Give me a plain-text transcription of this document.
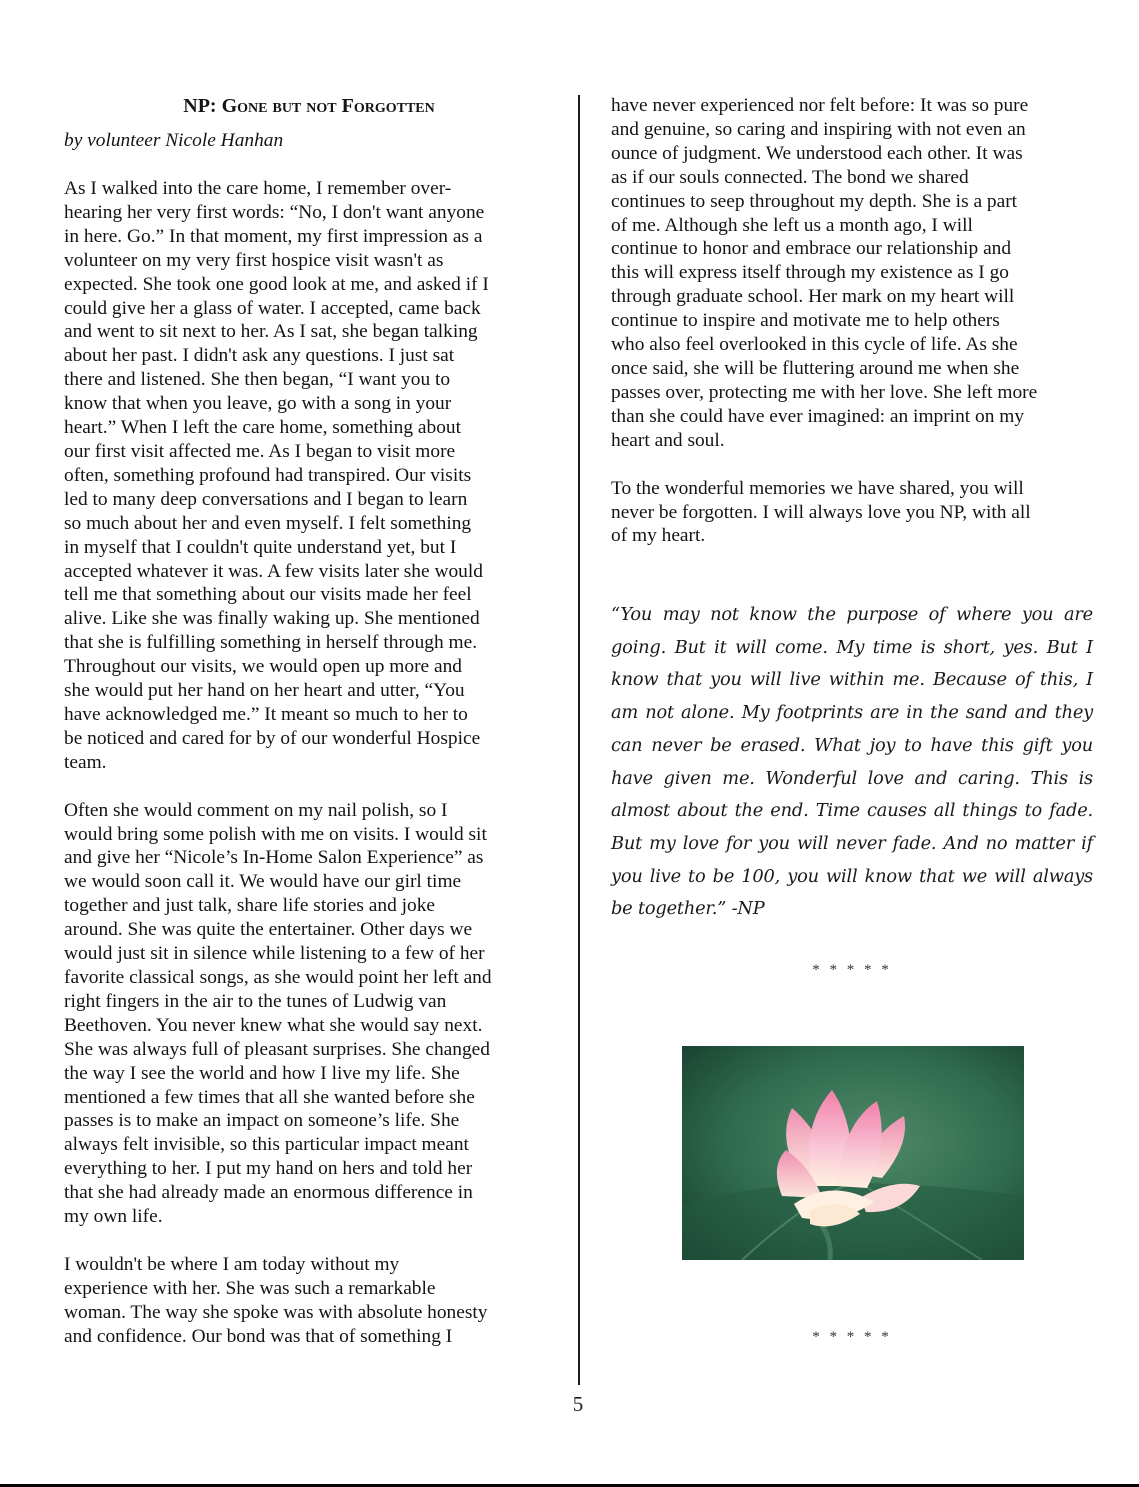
NP: Gone but not Forgotten
by volunteer Nicole Hanhan
As I walked into the care home, I remember over-
hearing her very first words: “No, I don't want anyone
in here. Go.” In that moment, my first impression as a
volunteer on my very first hospice visit wasn't as
expected. She took one good look at me, and asked if I
could give her a glass of water. I accepted, came back
and went to sit next to her. As I sat, she began talking
about her past. I didn't ask any questions. I just sat
there and listened. She then began, “I want you to
know that when you leave, go with a song in your
heart.” When I left the care home, something about
our first visit affected me. As I began to visit more
often, something profound had transpired. Our visits
led to many deep conversations and I began to learn
so much about her and even myself. I felt something
in myself that I couldn't quite understand yet, but I
accepted whatever it was. A few visits later she would
tell me that something about our visits made her feel
alive. Like she was finally waking up. She mentioned
that she is fulfilling something in herself through me.
Throughout our visits, we would open up more and
she would put her hand on her heart and utter, “You
have acknowledged me.” It meant so much to her to
be noticed and cared for by of our wonderful Hospice
team.
Often she would comment on my nail polish, so I
would bring some polish with me on visits. I would sit
and give her “Nicole’s In-Home Salon Experience” as
we would soon call it. We would have our girl time
together and just talk, share life stories and joke
around. She was quite the entertainer. Other days we
would just sit in silence while listening to a few of her
favorite classical songs, as she would point her left and
right fingers in the air to the tunes of Ludwig van
Beethoven. You never knew what she would say next.
She was always full of pleasant surprises. She changed
the way I see the world and how I live my life. She
mentioned a few times that all she wanted before she
passes is to make an impact on someone’s life. She
always felt invisible, so this particular impact meant
everything to her. I put my hand on hers and told her
that she had already made an enormous difference in
my own life.
I wouldn't be where I am today without my
experience with her. She was such a remarkable
woman. The way she spoke was with absolute honesty
and confidence. Our bond was that of something I
have never experienced nor felt before: It was so pure
and genuine, so caring and inspiring with not even an
ounce of judgment. We understood each other. It was
as if our souls connected. The bond we shared
continues to seep throughout my depth. She is a part
of me. Although she left us a month ago, I will
continue to honor and embrace our relationship and
this will express itself through my existence as I go
through graduate school. Her mark on my heart will
continue to inspire and motivate me to help others
who also feel overlooked in this cycle of life. As she
once said, she will be fluttering around me when she
passes over, protecting me with her love. She left more
than she could have ever imagined: an imprint on my
heart and soul.
To the wonderful memories we have shared, you will
never be forgotten. I will always love you NP, with all
of my heart.
“You may not know the purpose of where you are going. But it will come. My time is short, yes. But I know that you will live within me. Because of this, I am not alone. My footprints are in the sand and they can never be erased. What joy to have this gift you have given me. Wonderful love and caring. This is almost about the end. Time causes all things to fade. But my love for you will never fade. And no matter if you live to be 100, you will know that we will always be together.” -NP
* * * * *
* * * * *
5
